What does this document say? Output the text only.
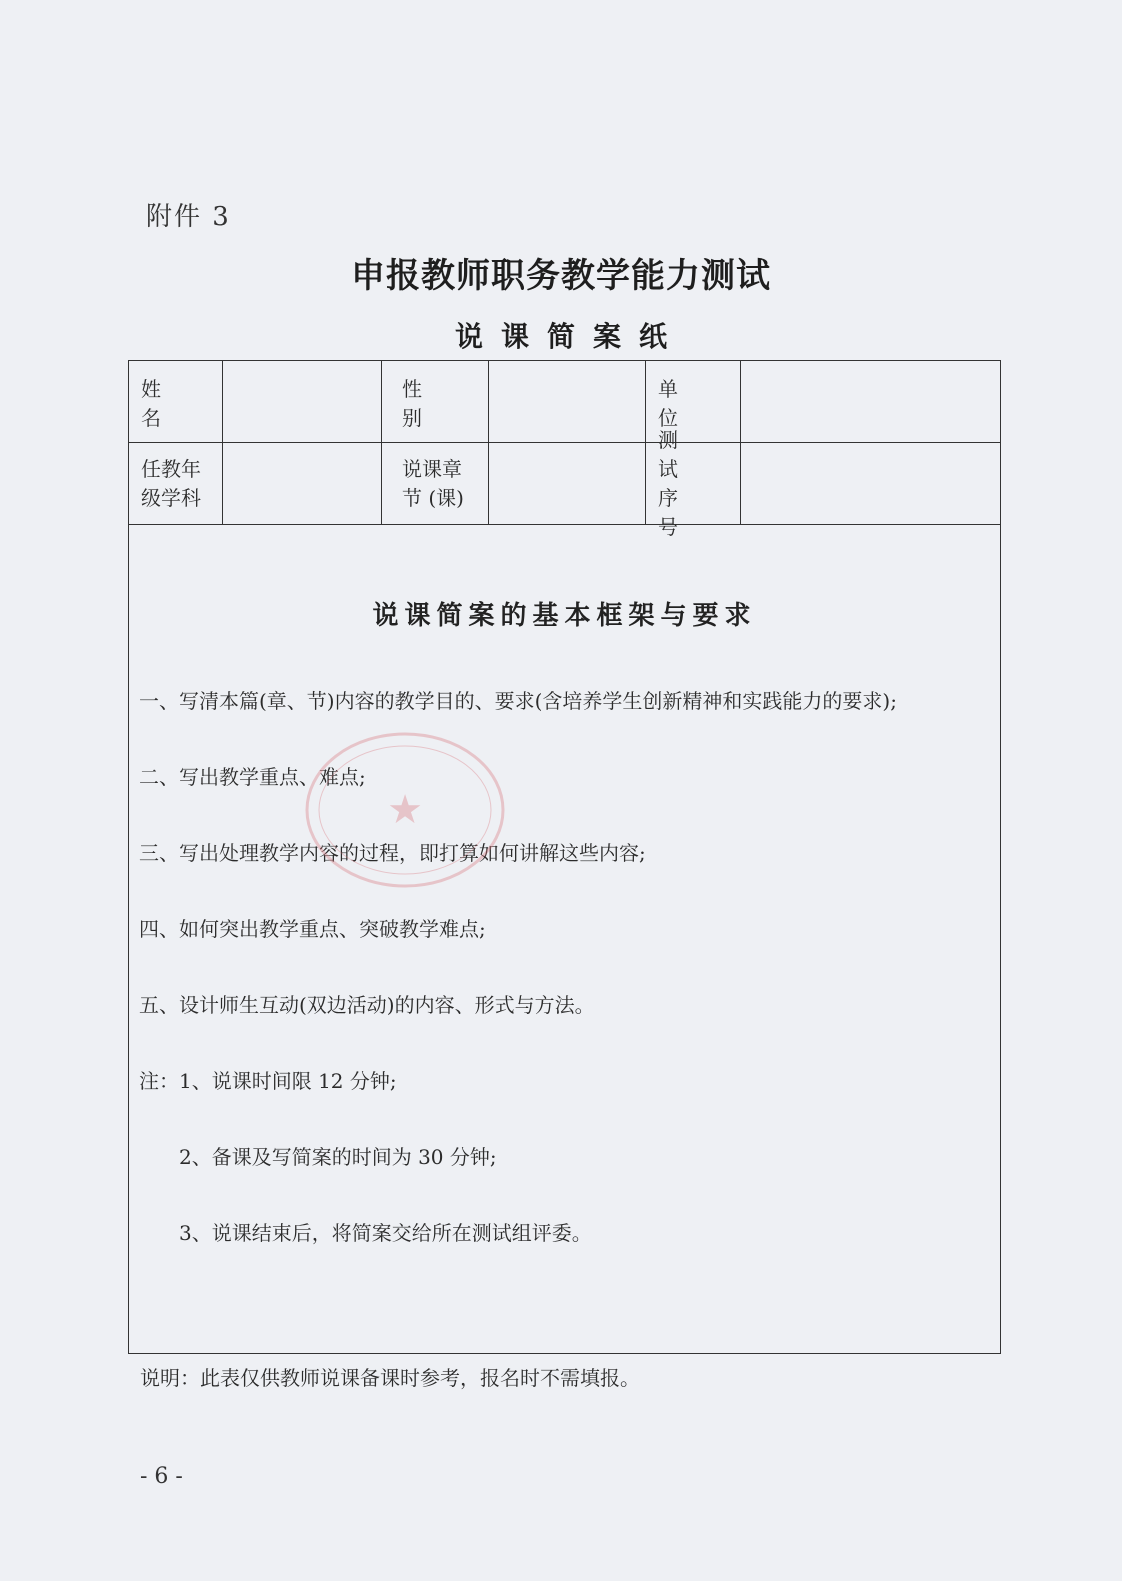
附件 3
申报教师职务教学能力测试
说课简案纸
姓 名
性 别
单 位
任教年
级学科
说课章
节 (课)
测 试
序 号
说课简案的基本框架与要求
一、写清本篇(章、节)内容的教学目的、要求(含培养学生创新精神和实践能力的要求);
二、写出教学重点、难点;
三、写出处理教学内容的过程，即打算如何讲解这些内容;
四、如何突出教学重点、突破教学难点;
五、设计师生互动(双边活动)的内容、形式与方法。
注：1、说课时间限 12 分钟;
2、备课及写简案的时间为 30 分钟;
3、说课结束后，将简案交给所在测试组评委。
★
说明：此表仅供教师说课备课时参考，报名时不需填报。
- 6 -
